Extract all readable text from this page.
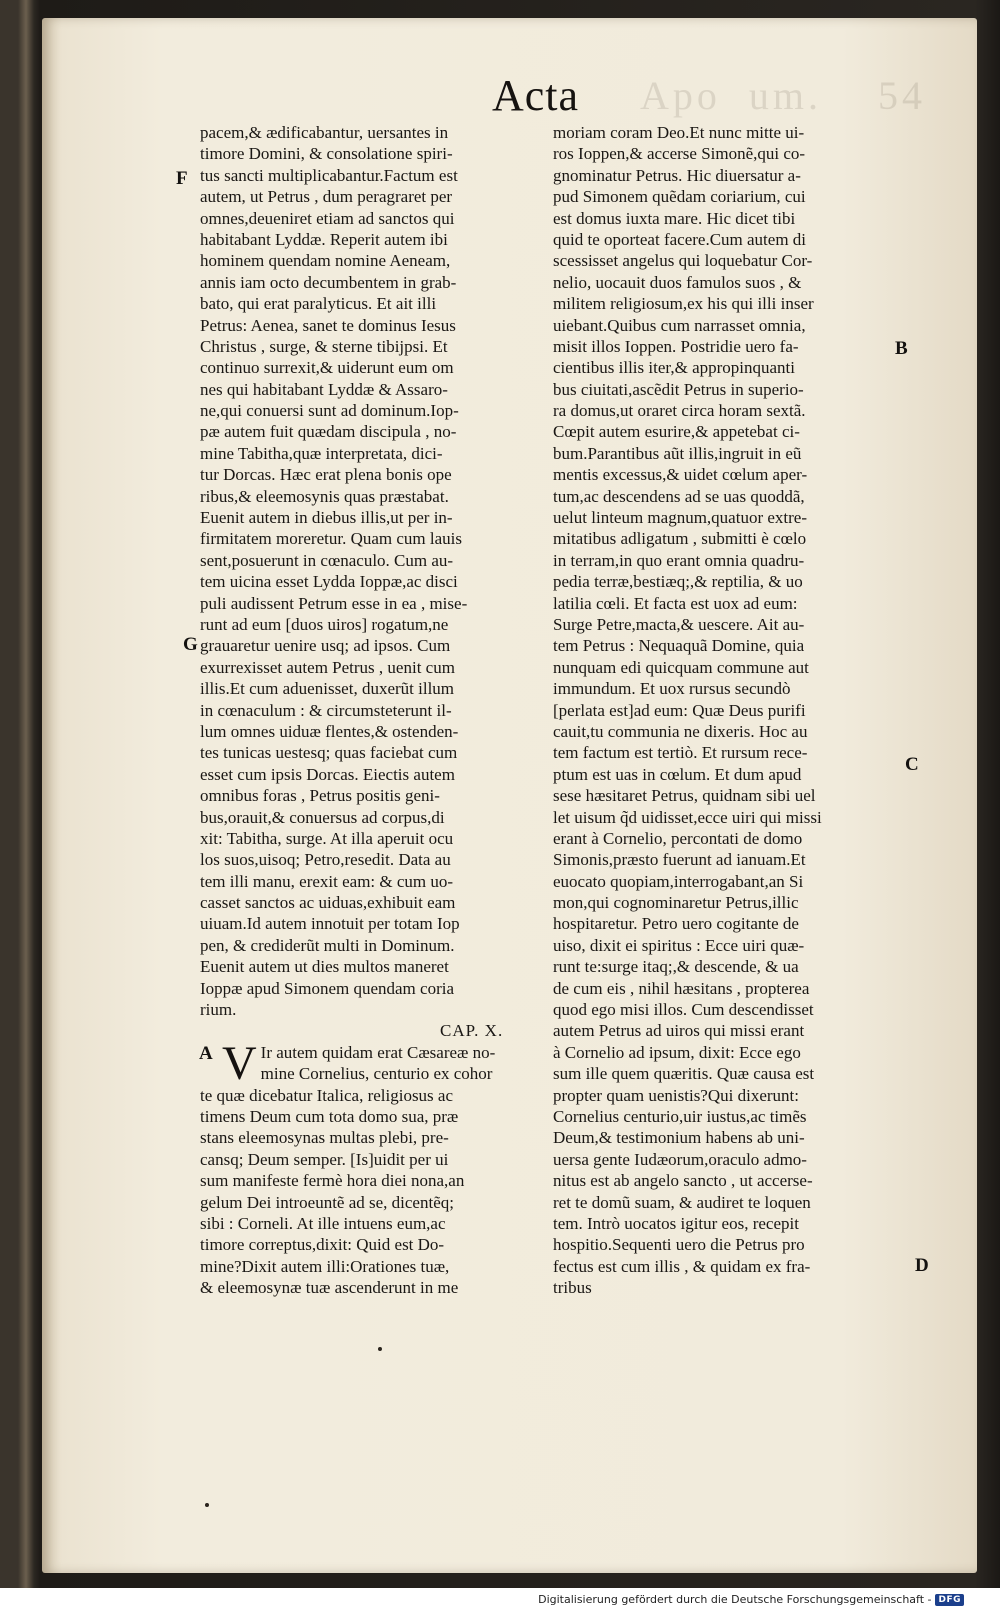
Apo  um.    54
Acta
pacem,& ædificabantur, uersantes in
timore Domini, & consolatione spiri-
tus sancti multiplicabantur.Factum est
autem, ut Petrus , dum peragraret per
omnes,deueniret etiam ad sanctos qui
habitabant Lyddæ. Reperit autem ibi
hominem quendam nomine Aeneam,
annis iam octo decumbentem in grab-
bato, qui erat paralyticus. Et ait illi
Petrus: Aenea, sanet te dominus Iesus
Christus , surge, & sterne tibijpsi. Et
continuo surrexit,& uiderunt eum om
nes qui habitabant Lyddæ & Assaro-
ne,qui conuersi sunt ad dominum.Iop-
pæ autem fuit quædam discipula , no-
mine Tabitha,quæ interpretata, dici-
tur Dorcas. Hæc erat plena bonis ope
ribus,& eleemosynis quas præstabat.
Euenit autem in diebus illis,ut per in-
firmitatem moreretur. Quam cum lauis
sent,posuerunt in cœnaculo. Cum au-
tem uicina esset Lydda Ioppæ,ac disci
puli audissent Petrum esse in ea , mise-
runt ad eum [duos uiros] rogatum,ne
grauaretur uenire usq; ad ipsos. Cum
exurrexisset autem Petrus , uenit cum
illis.Et cum aduenisset, duxerũt illum
in cœnaculum : & circumsteterunt il-
lum omnes uiduæ flentes,& ostenden-
tes tunicas uestesq; quas faciebat cum
esset cum ipsis Dorcas. Eiectis autem
omnibus foras , Petrus positis geni-
bus,orauit,& conuersus ad corpus,di
xit: Tabitha, surge. At illa aperuit ocu
los suos,uisoq; Petro,resedit. Data au
tem illi manu, erexit eam: & cum uo-
casset sanctos ac uiduas,exhibuit eam
uiuam.Id autem innotuit per totam Iop
pen, & crediderũt multi in Dominum.
Euenit autem ut dies multos maneret
Ioppæ apud Simonem quendam coria
rium.
CAP. X.
V Ir autem quidam erat Cæsareæ no-
mine Cornelius, centurio ex cohor
te quæ dicebatur Italica, religiosus ac
timens Deum cum tota domo sua, præ
stans eleemosynas multas plebi, pre-
cansq; Deum semper. [Is]uidit per ui
sum manifeste fermè hora diei nona,an
gelum Dei introeuntẽ ad se, dicentẽq;
sibi : Corneli. At ille intuens eum,ac
timore correptus,dixit: Quid est Do-
mine?Dixit autem illi:Orationes tuæ,
& eleemosynæ tuæ ascenderunt in me
moriam coram Deo.Et nunc mitte ui-
ros Ioppen,& accerse Simonẽ,qui co-
gnominatur Petrus. Hic diuersatur a-
pud Simonem quẽdam coriarium, cui
est domus iuxta mare. Hic dicet tibi
quid te oporteat facere.Cum autem di
scessisset angelus qui loquebatur Cor-
nelio, uocauit duos famulos suos , &
militem religiosum,ex his qui illi inser
uiebant.Quibus cum narrasset omnia,
misit illos Ioppen. Postridie uero fa-
cientibus illis iter,& appropinquanti
bus ciuitati,ascẽdit Petrus in superio-
ra domus,ut oraret circa horam sextã.
Cœpit autem esurire,& appetebat ci-
bum.Parantibus aũt illis,ingruit in eũ
mentis excessus,& uidet cœlum aper-
tum,ac descendens ad se uas quoddã,
uelut linteum magnum,quatuor extre-
mitatibus adligatum , submitti è cœlo
in terram,in quo erant omnia quadru-
pedia terræ,bestiæq;,& reptilia, & uo
latilia cœli. Et facta est uox ad eum:
Surge Petre,macta,& uescere. Ait au-
tem Petrus : Nequaquã Domine, quia
nunquam edi quicquam commune aut
immundum. Et uox rursus secundò
[perlata est]ad eum: Quæ Deus purifi
cauit,tu communia ne dixeris. Hoc au
tem factum est tertiò. Et rursum rece-
ptum est uas in cœlum. Et dum apud
sese hæsitaret Petrus, quidnam sibi uel
let uisum q̃d uidisset,ecce uiri qui missi
erant à Cornelio, percontati de domo
Simonis,præsto fuerunt ad ianuam.Et
euocato quopiam,interrogabant,an Si
mon,qui cognominaretur Petrus,illic
hospitaretur. Petro uero cogitante de
uiso, dixit ei spiritus : Ecce uiri quæ-
runt te:surge itaq;,& descende, & ua
de cum eis , nihil hæsitans , propterea
quod ego misi illos. Cum descendisset
autem Petrus ad uiros qui missi erant
à Cornelio ad ipsum, dixit: Ecce ego
sum ille quem quæritis. Quæ causa est
propter quam uenistis?Qui dixerunt:
Cornelius centurio,uir iustus,ac timẽs
Deum,& testimonium habens ab uni-
uersa gente Iudæorum,oraculo admo-
nitus est ab angelo sancto , ut accerse-
ret te domũ suam, & audiret te loquen
tem. Intrò uocatos igitur eos, recepit
hospitio.Sequenti uero die Petrus pro
fectus est cum illis , & quidam ex fra-
tribus
F
G
A
B
C
D
Digitalisierung gefördert durch die Deutsche Forschungsgemeinschaft - DFG
